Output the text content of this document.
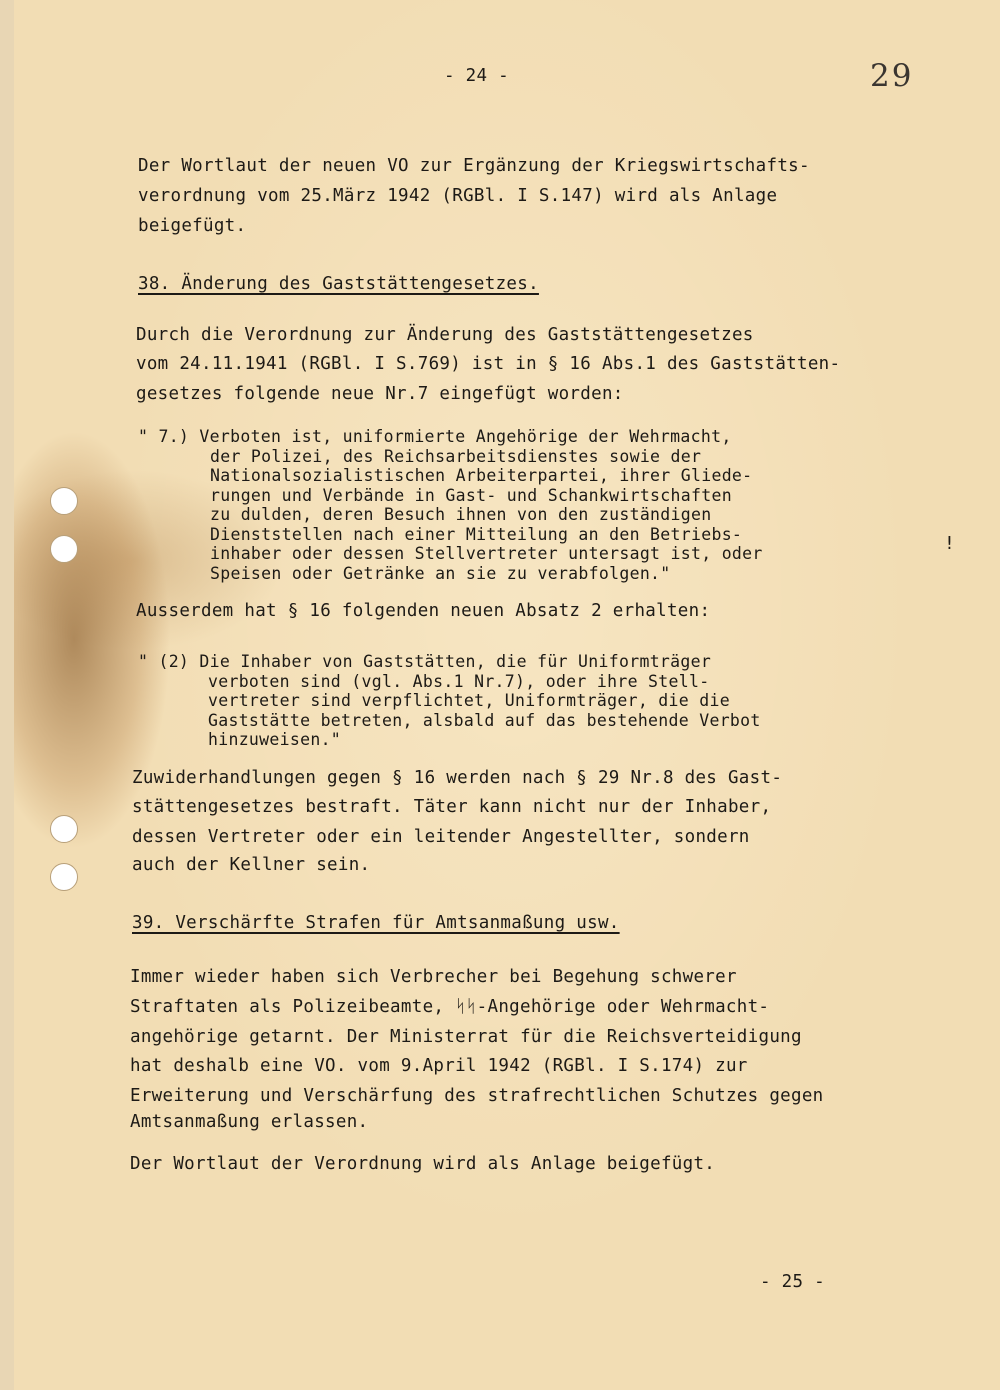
- 24 -	29

Der Wortlaut der neuen VO zur Ergänzung der Kriegswirtschafts-

verordnung vom 25.März 1942 (RGBl. I S.147) wird als Anlage

beigefügt.

38. Änderung des Gaststättengesetzes.

Durch die Verordnung zur Änderung des Gaststättengesetzes

vom 24.11.1941 (RGBl. I S.769) ist in § 16 Abs.1 des Gaststätten-

gesetzes folgende neue Nr.7 eingefügt worden:

" 7.) Verboten ist, uniformierte Angehörige der Wehrmacht,

der Polizei, des Reichsarbeitsdienstes sowie der

Nationalsozialistischen Arbeiterpartei, ihrer Gliede-

rungen und Verbände in Gast- und Schankwirtschaften

zu dulden, deren Besuch ihnen von den zuständigen

Dienststellen nach einer Mitteilung an den Betriebs-

inhaber oder dessen Stellvertreter untersagt ist, oder

Speisen oder Getränke an sie zu verabfolgen."

!

Ausserdem hat § 16 folgenden neuen Absatz 2 erhalten:

" (2) Die Inhaber von Gaststätten, die für Uniformträger

verboten sind (vgl. Abs.1 Nr.7), oder ihre Stell-

vertreter sind verpflichtet, Uniformträger, die die

Gaststätte betreten, alsbald auf das bestehende Verbot

hinzuweisen."

Zuwiderhandlungen gegen § 16 werden nach § 29 Nr.8 des Gast-

stättengesetzes bestraft. Täter kann nicht nur der Inhaber,

dessen Vertreter oder ein leitender Angestellter, sondern

auch der Kellner sein.

39. Verschärfte Strafen für Amtsanmaßung usw.

Immer wieder haben sich Verbrecher bei Begehung schwerer

Straftaten als Polizeibeamte, ᛋᛋ-Angehörige oder Wehrmacht-

angehörige getarnt. Der Ministerrat für die Reichsverteidigung

hat deshalb eine VO. vom 9.April 1942 (RGBl. I S.174) zur

Erweiterung und Verschärfung des strafrechtlichen Schutzes gegen

Amtsanmaßung erlassen.

Der Wortlaut der Verordnung wird als Anlage beigefügt.

- 25 -
